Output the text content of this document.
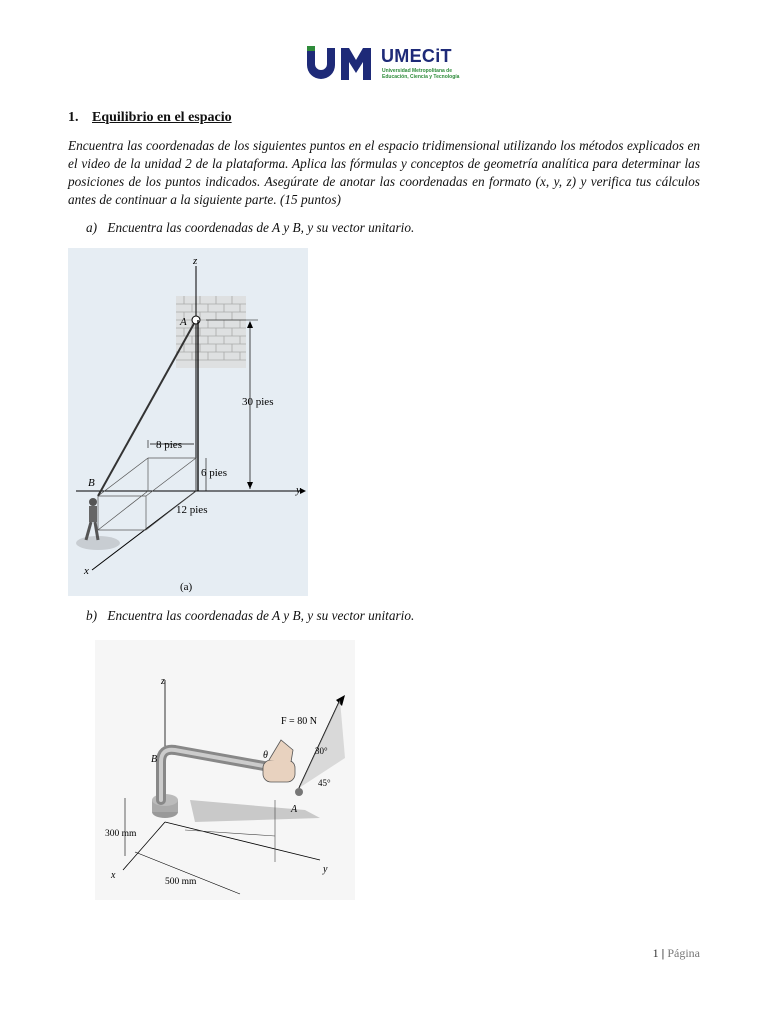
UMECiT
Universidad Metropolitana de Educación, Ciencia y Tecnología
1. Equilibrio en el espacio
Encuentra las coordenadas de los siguientes puntos en el espacio tridimensional utilizando los métodos explicados en el video de la unidad 2 de la plataforma. Aplica las fórmulas y conceptos de geometría analítica para determinar las posiciones de los puntos indicados. Asegúrate de anotar las coordenadas en formato (x, y, z) y verifica tus cálculos antes de continuar a la siguiente parte. (15 puntos)
a) Encuentra las coordenadas de A y B, y su vector unitario.
z
y
x
A
B
30 pies
8 pies
6 pies
12 pies
(a)
b) Encuentra las coordenadas de A y B, y su vector unitario.
z
y
x
B
A
F = 80 N
θ	30°
45°
300 mm
500 mm
1 | Página
